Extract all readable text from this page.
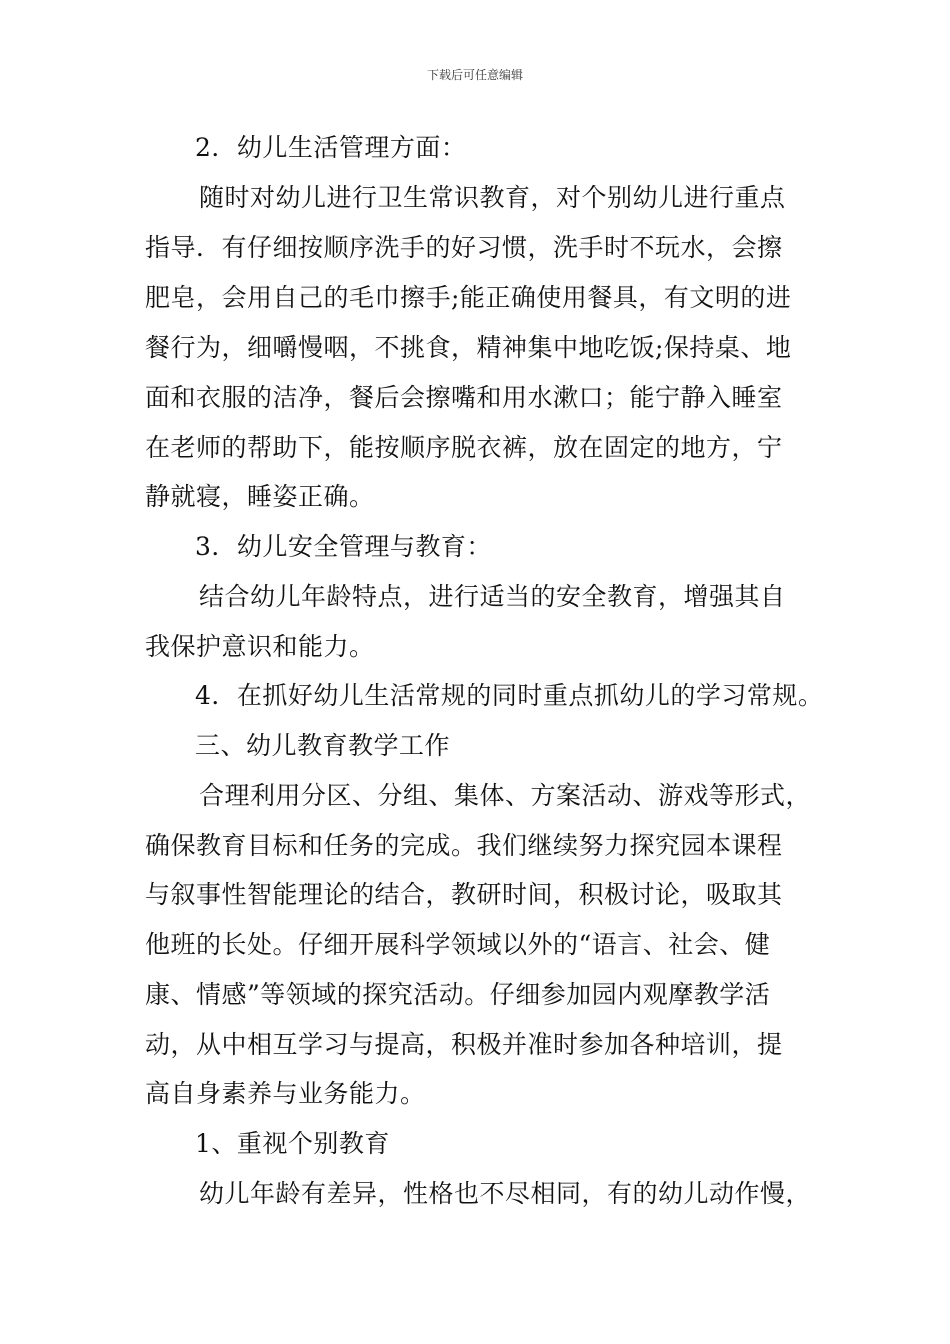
下载后可任意编辑
2．幼儿生活管理方面：
随时对幼儿进行卫生常识教育，对个别幼儿进行重点
指导．有仔细按顺序洗手的好习惯，洗手时不玩水，会擦
肥皂，会用自己的毛巾擦手;能正确使用餐具，有文明的进
餐行为，细嚼慢咽，不挑食，精神集中地吃饭;保持桌、地
面和衣服的洁净，餐后会擦嘴和用水漱口；能宁静入睡室
在老师的帮助下，能按顺序脱衣裤，放在固定的地方，宁
静就寝，睡姿正确。
3．幼儿安全管理与教育：
结合幼儿年龄特点，进行适当的安全教育，增强其自
我保护意识和能力。
4．在抓好幼儿生活常规的同时重点抓幼儿的学习常规。
三、幼儿教育教学工作
合理利用分区、分组、集体、方案活动、游戏等形式，
确保教育目标和任务的完成。我们继续努力探究园本课程
与叙事性智能理论的结合，教研时间，积极讨论，吸取其
他班的长处。仔细开展科学领域以外的“语言、社会、健
康、情感”等领域的探究活动。仔细参加园内观摩教学活
动，从中相互学习与提高，积极并准时参加各种培训，提
高自身素养与业务能力。
1、重视个别教育
幼儿年龄有差异，性格也不尽相同，有的幼儿动作慢，
